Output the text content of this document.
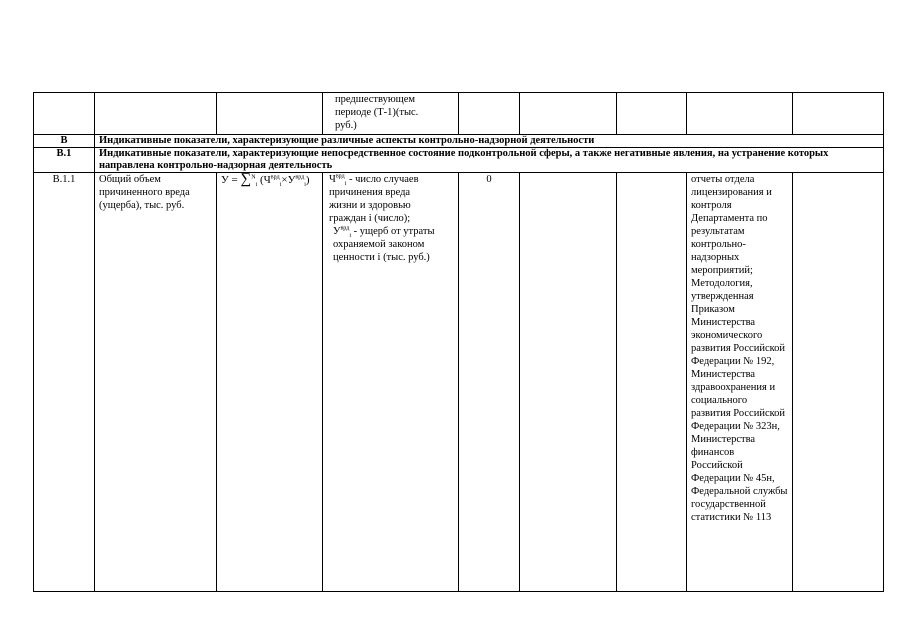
			предшествующем периоде (Т-1)(тыс. руб.)					
В	Индикативные показатели, характеризующие различные аспекты контрольно-надзорной деятельности							
В.1	Индикативные показатели, характеризующие непосредственное состояние подконтрольной сферы, а также негативные явления, на устранение которых направлена контрольно-надзорная деятельность							
В.1.1	Общий объем причиненного вреда (ущерба), тыс. руб.	У = ∑$^N_i$ $(Ч^{вpд}_i\times У^{вpд}_i)$	$Ч^{вpд}_i$ - число случаев причинения вреда жизни и здоровью граждан i (число);
$У^{вpд}_i$ - ущерб от утраты охраняемой законом ценности i (тыс. руб.)	0			отчеты отдела лицензирования и контроля Департамента по результатам контрольно-надзорных мероприятий; Методология, утвержденная Приказом Министерства экономического развития Российской Федерации № 192, Министерства здравоохранения и социального развития Российской Федерации № 323н, Министерства финансов Российской Федерации № 45н, Федеральной службы государственной статистики № 113	
